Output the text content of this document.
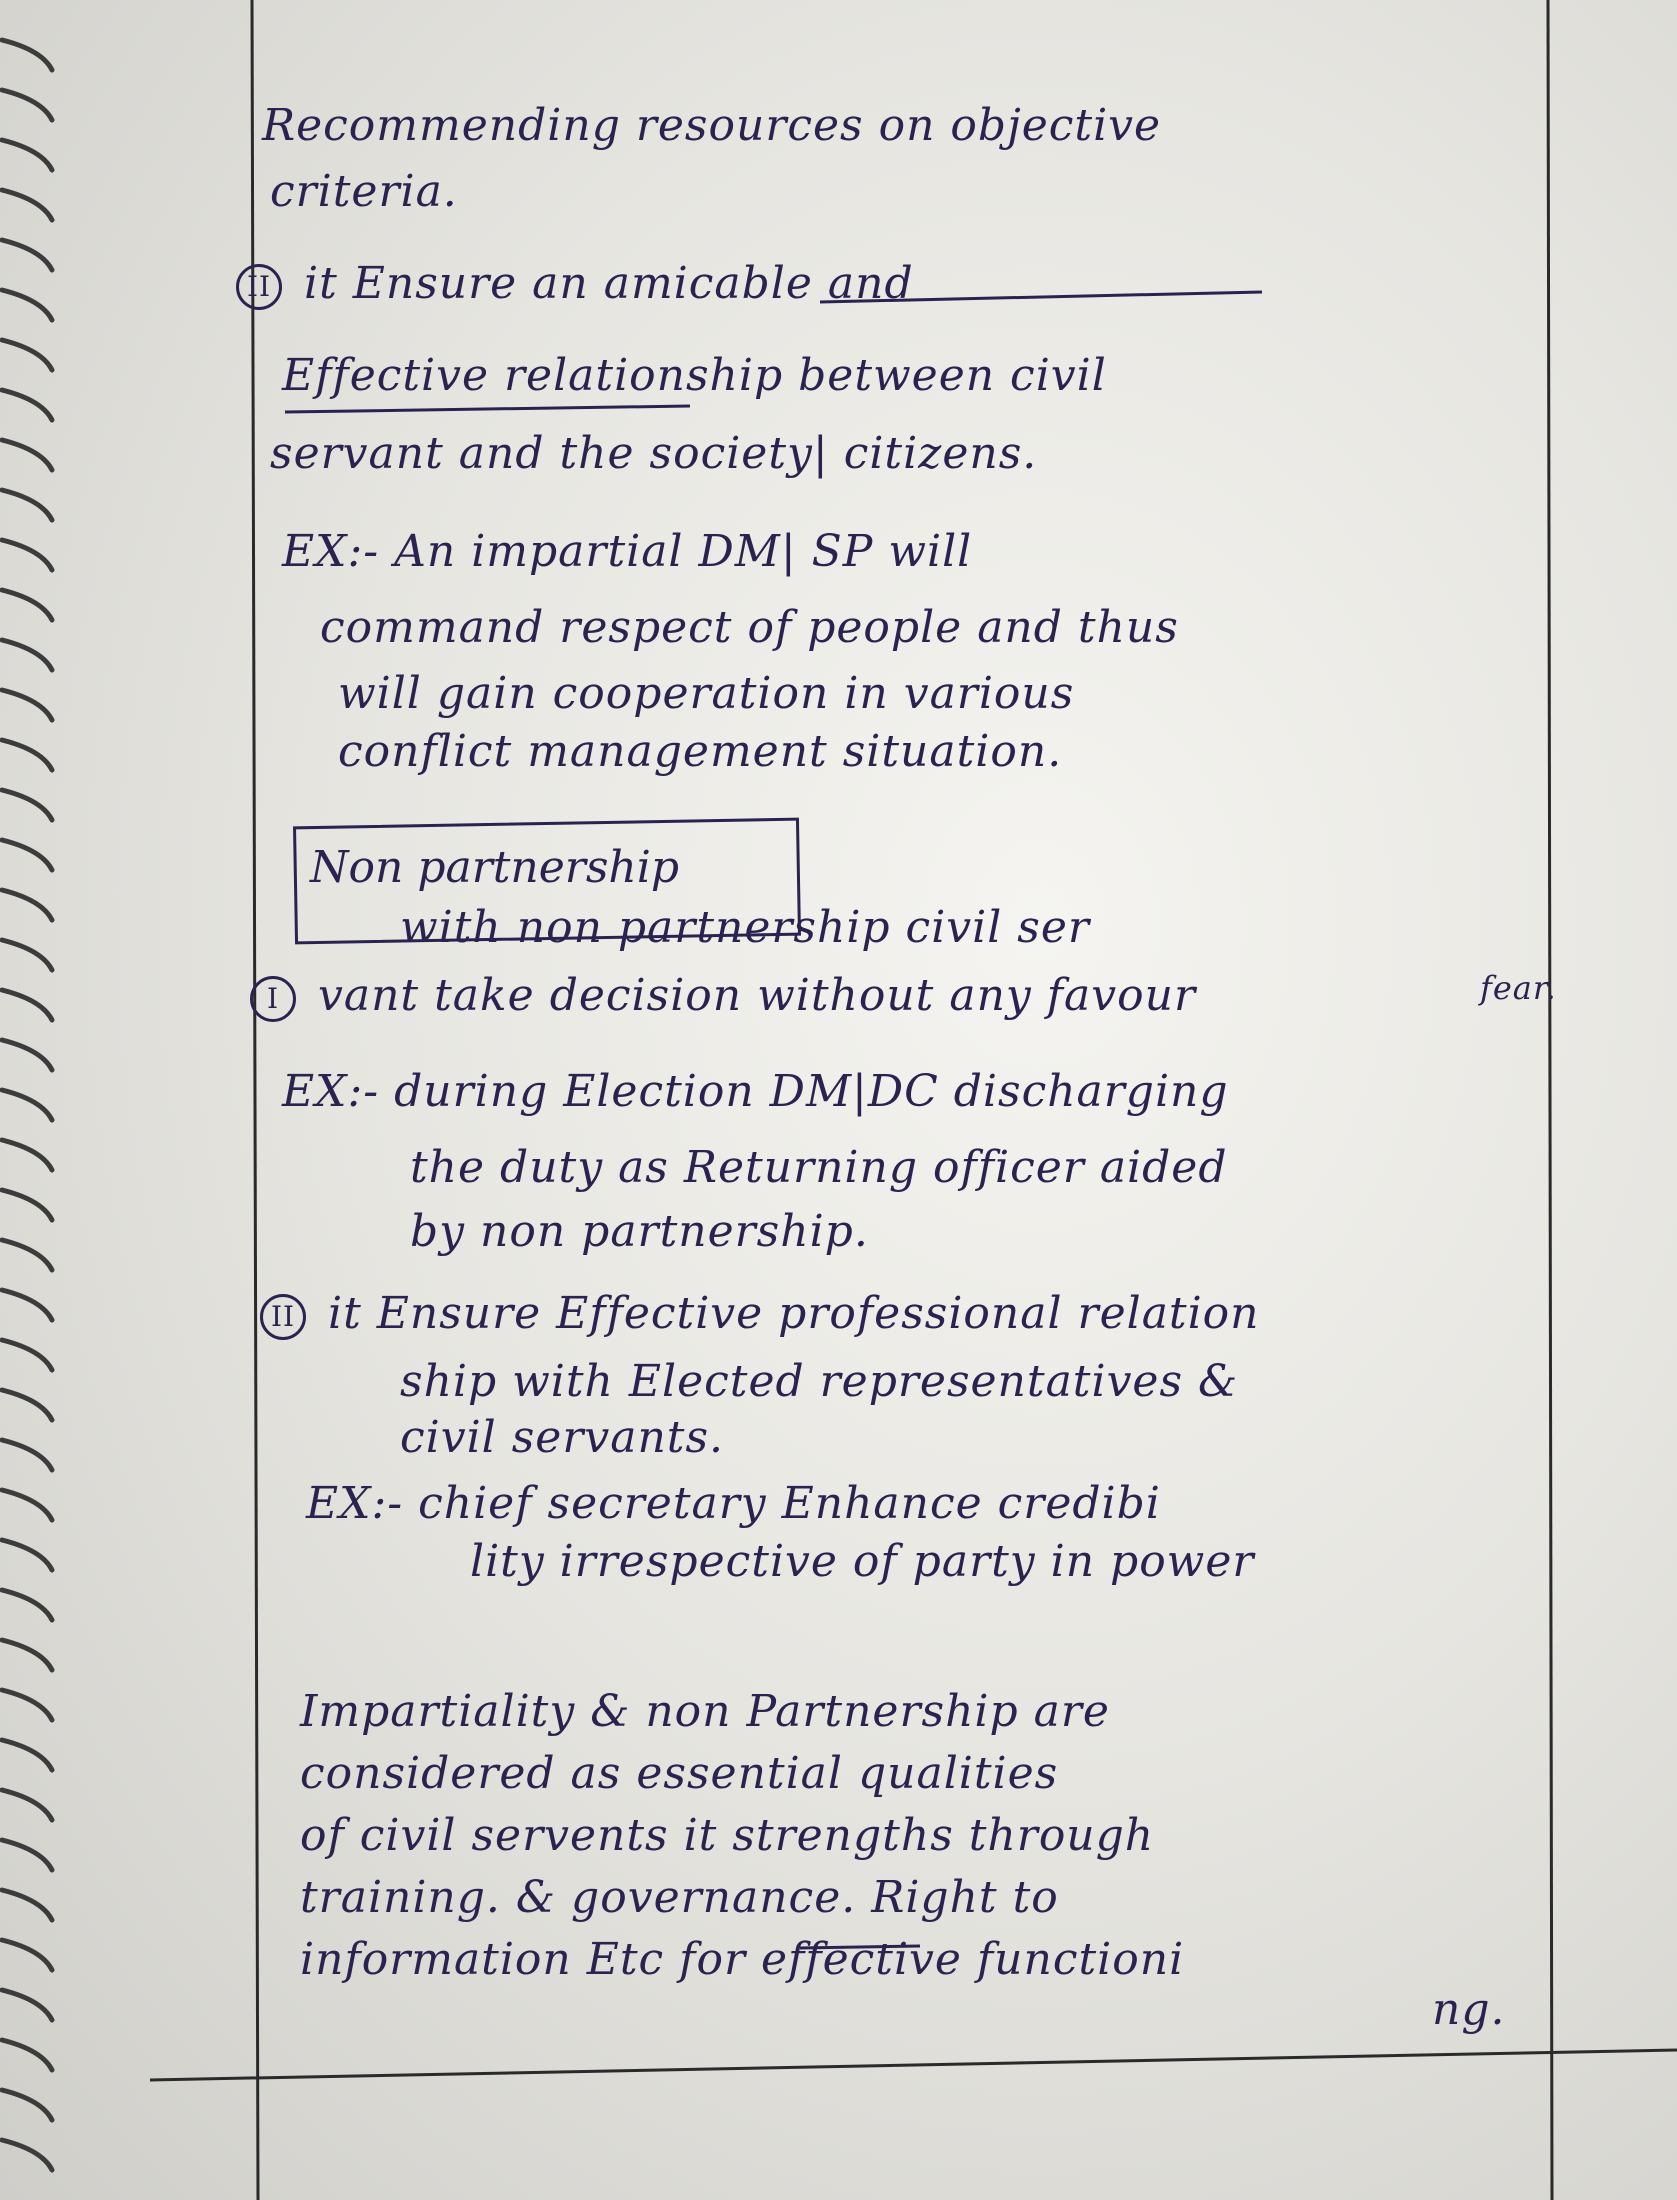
Recommending resources on objective
criteria.
II it Ensure an amicable and
Effective relationship between civil
servant and the society| citizens.
EX:- An impartial DM| SP will
command respect of people and thus
will gain cooperation in various
conflict management situation.
Non partnership
with non partnership civil ser
I vant take decision without any favour	fear.
EX:- during Election DM|DC discharging
the duty as Returning officer aided
by non partnership.
II it Ensure Effective professional relation
ship with Elected representatives &
civil servants.
EX:- chief secretary Enhance credibi
lity irrespective of party in power
Impartiality & non Partnership are
considered as essential qualities
of civil servents it strengths through
training. & governance. Right to
information Etc for effective functioni
ng.
